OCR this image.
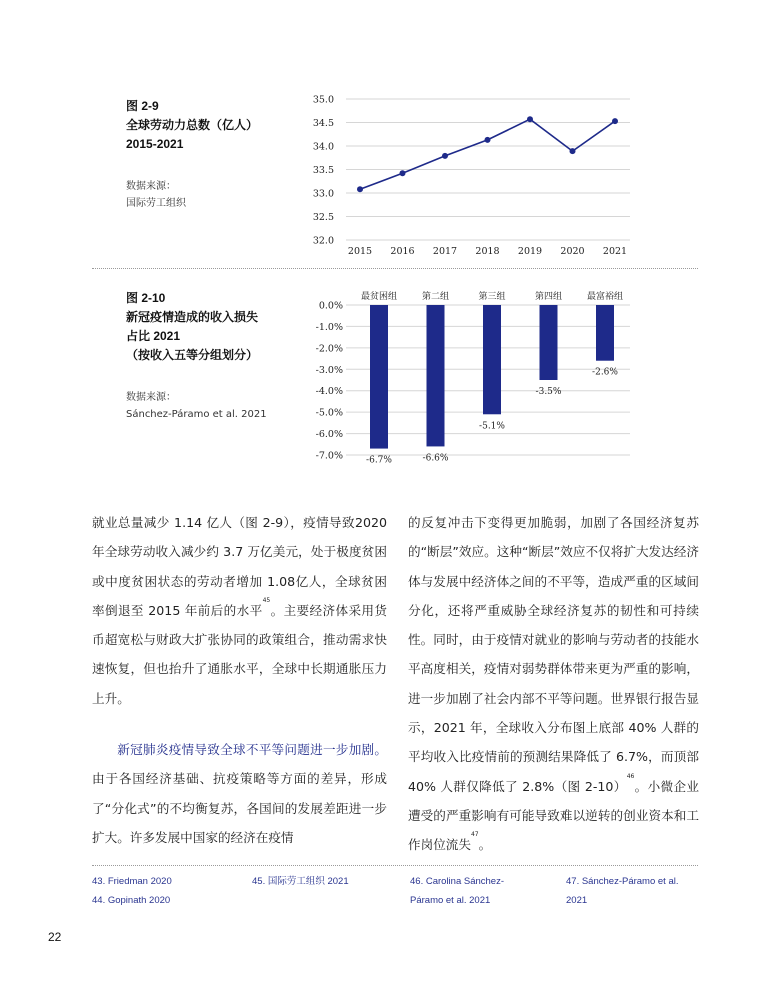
图 2-9
全球劳动力总数（亿人）
2015-2021
数据来源：
国际劳工组织
35.0
34.5
34.0
33.5
33.0
32.5
32.0
2015 2016 2017 2018 2019 2020 2021
图 2-10
新冠疫情造成的收入损失
占比 2021
（按收入五等分组划分）
数据来源：
Sánchez-Páramo et al. 2021
0.0%
-1.0%
-2.0%
-3.0%
-4.0%
-5.0%
-6.0%
-7.0%
最贫困组
-6.7%
第二组
-6.6%
第三组
-5.1%
第四组
-3.5%
最富裕组
-2.6%

就业总量减少 1.14 亿人（图 2-9），疫情导致2020 年全球劳动收入减少约 3.7 万亿美元，处于极度贫困或中度贫困状态的劳动者增加 1.08亿人，全球贫困率倒退至 2015 年前后的水平$^{45}$。主要经济体采用货币超宽松与财政大扩张协同的政策组合，推动需求快速恢复，但也抬升了通胀水平，全球中长期通胀压力上升。

新冠肺炎疫情导致全球不平等问题进一步加剧。由于各国经济基础、抗疫策略等方面的差异，形成了“分化式”的不均衡复苏，各国间的发展差距进一步扩大。许多发展中国家的经济在疫情

的反复冲击下变得更加脆弱，加剧了各国经济复苏的“断层”效应。这种“断层”效应不仅将扩大发达经济体与发展中经济体之间的不平等，造成严重的区域间分化，还将严重威胁全球经济复苏的韧性和可持续性。同时，由于疫情对就业的影响与劳动者的技能水平高度相关，疫情对弱势群体带来更为严重的影响，进一步加剧了社会内部不平等问题。世界银行报告显示，2021 年，全球收入分布图上底部 40% 人群的平均收入比疫情前的预测结果降低了 6.7%，而顶部 40% 人群仅降低了 2.8%（图 2-10）$^{46}$。小微企业遭受的严重影响有可能导致难以逆转的创业资本和工作岗位流失$^{47}$。

43. Friedman 2020
44. Gopinath 2020
45. 国际劳工组织 2021	46. Carolina Sánchez-
Páramo et al. 2021
47. Sánchez-Páramo et al.
2021
22
